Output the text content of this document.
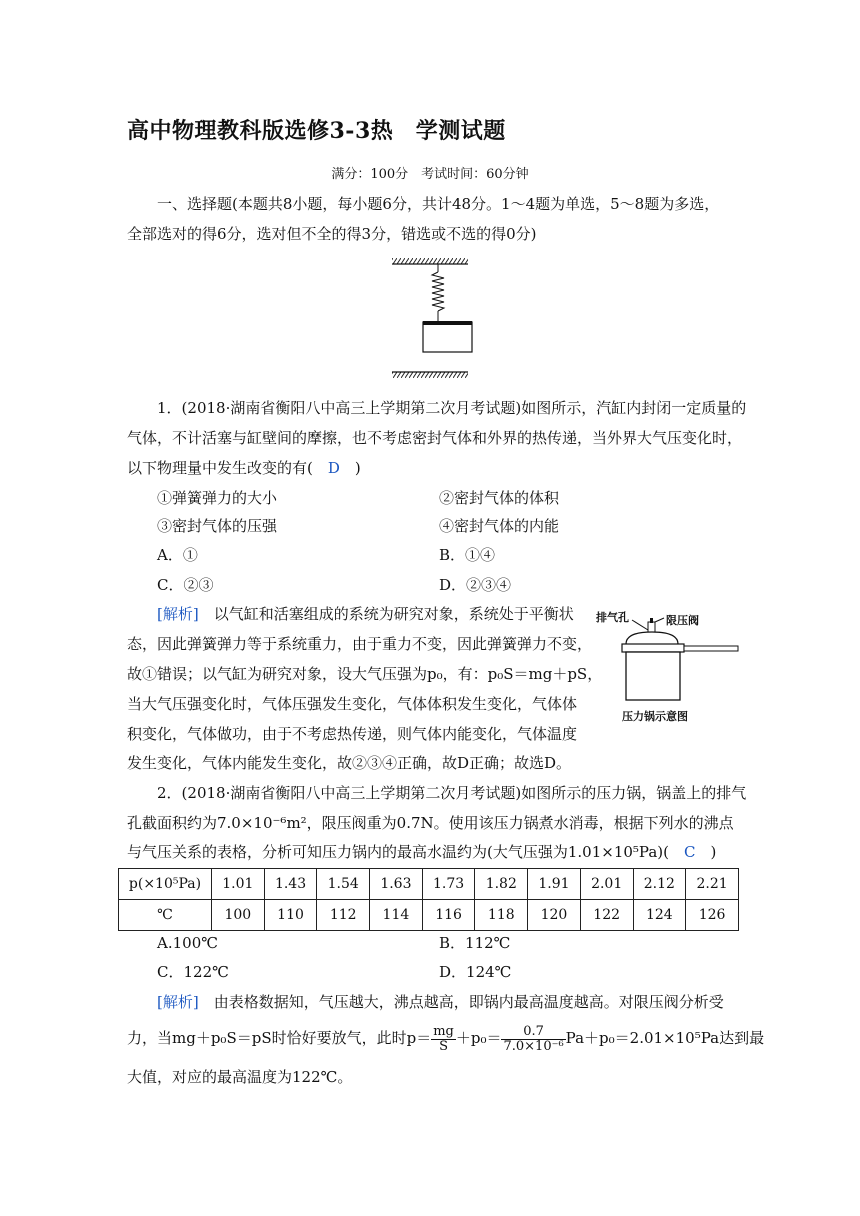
高中物理教科版选修3-3热　学测试题
满分：100分　考试时间：60分钟
一、选择题(本题共8小题，每小题6分，共计48分。1～4题为单选，5～8题为多选，
全部选对的得6分，选对但不全的得3分，错选或不选的得0分)
1．(2018·湖南省衡阳八中高三上学期第二次月考试题)如图所示，汽缸内封闭一定质量的
气体，不计活塞与缸壁间的摩擦，也不考虑密封气体和外界的热传递，当外界大气压变化时，
以下物理量中发生改变的有(　D　)
①弹簧弹力的大小	②密封气体的体积
③密封气体的压强	④密封气体的内能
A．①	B．①④
C．②③	D．②③④
[解析]　 以气缸和活塞组成的系统为研究对象，系统处于平衡状
态，因此弹簧弹力等于系统重力，由于重力不变，因此弹簧弹力不变，
故①错误；以气缸为研究对象，设大气压强为p₀，有：p₀S＝mg＋pS，
当大气压强变化时，气体压强发生变化，气体体积发生变化，气体体
积变化，气体做功，由于不考虑热传递，则气体内能变化，气体温度
发生变化，气体内能发生变化，故②③④正确，故D正确；故选D。
排气孔	限压阀
压力锅示意图
2．(2018·湖南省衡阳八中高三上学期第二次月考试题)如图所示的压力锅，锅盖上的排气
孔截面积约为7.0×10⁻⁶m²，限压阀重为0.7N。使用该压力锅煮水消毒，根据下列水的沸点
与气压关系的表格，分析可知压力锅内的最高水温约为(大气压强为1.01×10⁵Pa)(　C　)
p(×10⁵Pa)	1.01	1.43	1.54	1.63	1.73	1.82	1.91	2.01	2.12	2.21
℃	100	110	112	114	116	118	120	122	124	126
A.100℃	B．112℃
C．122℃	D．124℃
[解析]　 由表格数据知，气压越大，沸点越高，即锅内最高温度越高。对限压阀分析受
力，当mg＋p₀S＝pS时恰好要放气，此时$p= \frac{mg}{S} +p_0= \frac{0.7}{\text{7.0×10⁻⁶}} Pa+p_0=2.01\times 10^5Pa$达到最
大值，对应的最高温度为122℃。
